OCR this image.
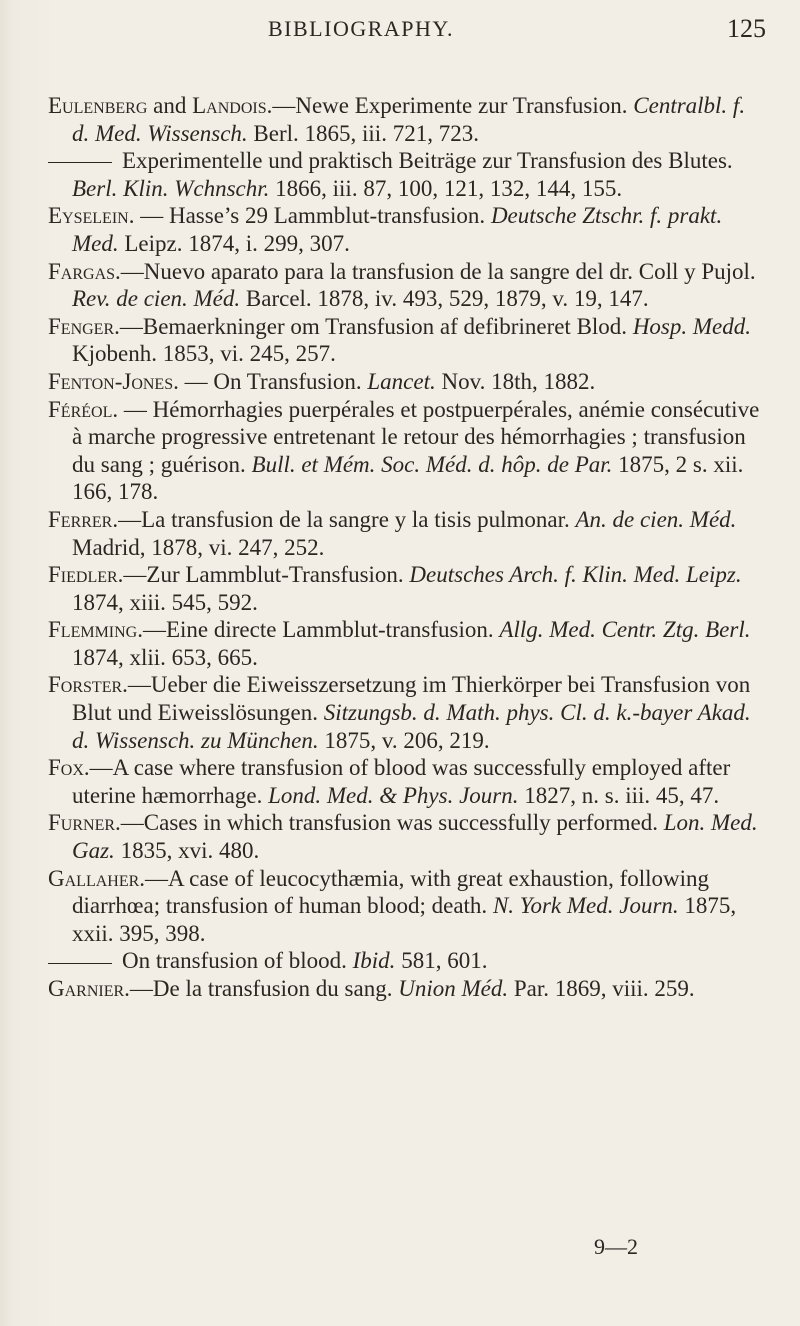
BIBLIOGRAPHY.	125

Eulenberg and Landois.—Newe Experimente zur Transfusion. Centralbl. f. d. Med. Wissensch. Berl. 1865, iii. 721, 723.

Experimentelle und praktisch Beiträge zur Transfusion des Blutes. Berl. Klin. Wchnschr. 1866, iii. 87, 100, 121, 132, 144, 155.

Eyselein. — Hasse’s 29 Lammblut-transfusion. Deutsche Ztschr. f. prakt. Med. Leipz. 1874, i. 299, 307.

Fargas.—Nuevo aparato para la transfusion de la sangre del dr. Coll y Pujol. Rev. de cien. Méd. Barcel. 1878, iv. 493, 529, 1879, v. 19, 147.

Fenger.—Bemaerkninger om Transfusion af defibrineret Blod. Hosp. Medd. Kjobenh. 1853, vi. 245, 257.

Fenton-Jones. — On Transfusion. Lancet. Nov. 18th, 1882.

Féréol. — Hémorrhagies puerpérales et postpuerpérales, anémie consécutive à marche progressive entretenant le retour des hémorrhagies ; transfusion du sang ; guérison. Bull. et Mém. Soc. Méd. d. hôp. de Par. 1875, 2 s. xii. 166, 178.

Ferrer.—La transfusion de la sangre y la tisis pulmonar. An. de cien. Méd. Madrid, 1878, vi. 247, 252.

Fiedler.—Zur Lammblut-Transfusion. Deutsches Arch. f. Klin. Med. Leipz. 1874, xiii. 545, 592.

Flemming.—Eine directe Lammblut-transfusion. Allg. Med. Centr. Ztg. Berl. 1874, xlii. 653, 665.

Forster.—Ueber die Eiweisszersetzung im Thierkörper bei Transfusion von Blut und Eiweisslösungen. Sitzungsb. d. Math. phys. Cl. d. k.-bayer Akad. d. Wissensch. zu München. 1875, v. 206, 219.

Fox.—A case where transfusion of blood was successfully employed after uterine hæmorrhage. Lond. Med. & Phys. Journ. 1827, n. s. iii. 45, 47.

Furner.—Cases in which transfusion was successfully performed. Lon. Med. Gaz. 1835, xvi. 480.

Gallaher.—A case of leucocythæmia, with great exhaustion, following diarrhœa; transfusion of human blood; death. N. York Med. Journ. 1875, xxii. 395, 398.

On transfusion of blood. Ibid. 581, 601.

Garnier.—De la transfusion du sang. Union Méd. Par. 1869, viii. 259.

9—2
